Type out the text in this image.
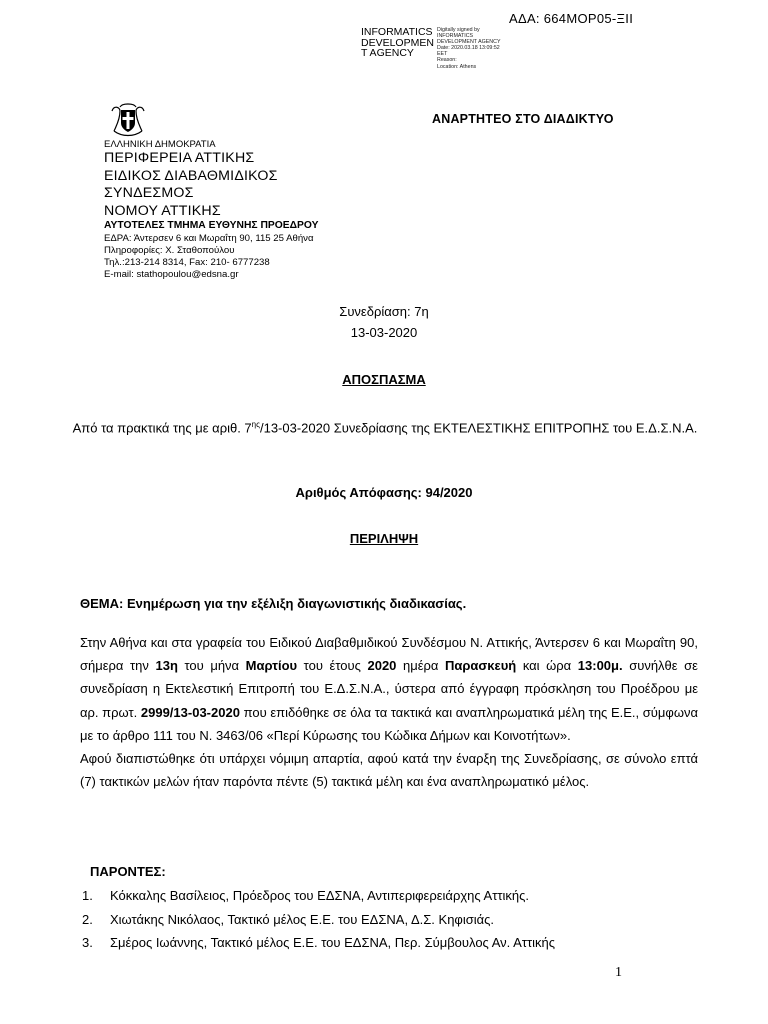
ΑΔΑ: 664ΜΟΡ05-ΞΙΙ
INFORMATICS DEVELOPMEN T AGENCY
Digitally signed by
INFORMATICS
DEVELOPMENT AGENCY
Date: 2020.03.18 13:09:52
EET
Reason:
Location: Athens
ΑΝΑΡΤΗΤΕΟ ΣΤΟ ΔΙΑΔΙΚΤΥΟ
ΕΛΛΗΝΙΚΗ ΔΗΜΟΚΡΑΤΙΑ
ΠΕΡΙΦΕΡΕΙΑ ΑΤΤΙΚΗΣ
ΕΙΔΙΚΟΣ ΔΙΑΒΑΘΜΙΔΙΚΟΣ
ΣΥΝΔΕΣΜΟΣ
ΝΟΜΟΥ ΑΤΤΙΚΗΣ
ΑΥΤΟΤΕΛΕΣ ΤΜΗΜΑ ΕΥΘΥΝΗΣ ΠΡΟΕΔΡΟΥ
ΕΔΡΑ: Άντερσεν 6 και Μωραΐτη 90, 115 25 Αθήνα
Πληροφορίες: Χ. Σταθοπούλου
Τηλ.:213-214 8314, Fax: 210- 6777238
E-mail: stathopoulou@edsna.gr
Συνεδρίαση: 7η
13-03-2020
ΑΠΟΣΠΑΣΜΑ
Από τα πρακτικά της με αριθ. $7^{\eta\varsigma}/13-03-2020$ Συνεδρίασης της ΕΚΤΕΛΕΣΤΙΚΗΣ ΕΠΙΤΡΟΠΗΣ του Ε.Δ.Σ.Ν.Α.
Αριθμός Απόφασης: 94/2020
ΠΕΡΙΛΗΨΗ
ΘΕΜΑ: Ενημέρωση για την εξέλιξη διαγωνιστικής διαδικασίας.

Στην Αθήνα και στα γραφεία του Ειδικού Διαβαθμιδικού Συνδέσμου Ν. Αττικής, Άντερσεν 6 και Μωραΐτη 90, σήμερα την 13η του μήνα Μαρτίου του έτους 2020 ημέρα Παρασκευή και ώρα 13:00μ. συνήλθε σε συνεδρίαση η Εκτελεστική Επιτροπή του Ε.Δ.Σ.Ν.Α., ύστερα από έγγραφη πρόσκληση του Προέδρου με αρ. πρωτ. 2999/13-03-2020 που επιδόθηκε σε όλα τα τακτικά και αναπληρωματικά μέλη της Ε.Ε., σύμφωνα με το άρθρο 111 του Ν. 3463/06 «Περί Κύρωσης του Κώδικα Δήμων και Κοινοτήτων».

Αφού διαπιστώθηκε ότι υπάρχει νόμιμη απαρτία, αφού κατά την έναρξη της Συνεδρίασης, σε σύνολο επτά (7) τακτικών μελών ήταν παρόντα πέντε (5) τακτικά μέλη και ένα αναπληρωματικό μέλος.

ΠΑΡΟΝΤΕΣ:
1.	Κόκκαλης Βασίλειος, Πρόεδρος του ΕΔΣΝΑ, Αντιπεριφερειάρχης Αττικής.
2.	Χιωτάκης Νικόλαος, Τακτικό μέλος Ε.Ε. του ΕΔΣΝΑ, Δ.Σ. Κηφισιάς.
3.	Σμέρος Ιωάννης, Τακτικό μέλος Ε.Ε. του ΕΔΣΝΑ, Περ. Σύμβουλος Αν. Αττικής
1
